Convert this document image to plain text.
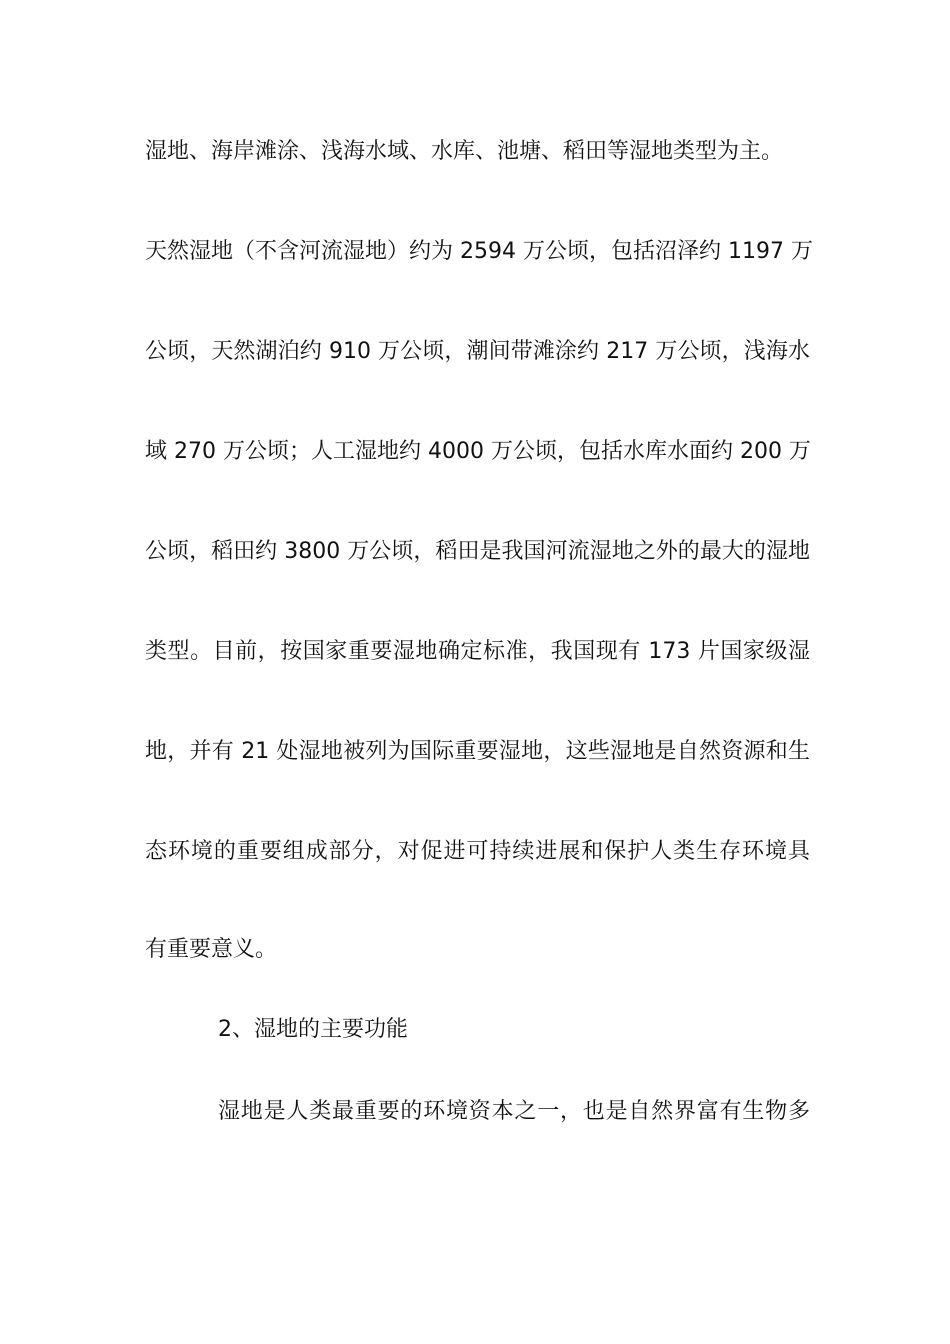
湿地、海岸滩涂、浅海水域、水库、池塘、稻田等湿地类型为主。
天然湿地（不含河流湿地）约为 2594 万公顷，包括沼泽约 1197 万
公顷，天然湖泊约 910 万公顷，潮间带滩涂约 217 万公顷，浅海水
域 270 万公顷；人工湿地约 4000 万公顷，包括水库水面约 200 万
公顷，稻田约 3800 万公顷，稻田是我国河流湿地之外的最大的湿地
类型。目前，按国家重要湿地确定标准，我国现有 173 片国家级湿
地，并有 21 处湿地被列为国际重要湿地，这些湿地是自然资源和生
态环境的重要组成部分，对促进可持续进展和保护人类生存环境具
有重要意义。
2、湿地的主要功能
湿地是人类最重要的环境资本之一，也是自然界富有生物多
